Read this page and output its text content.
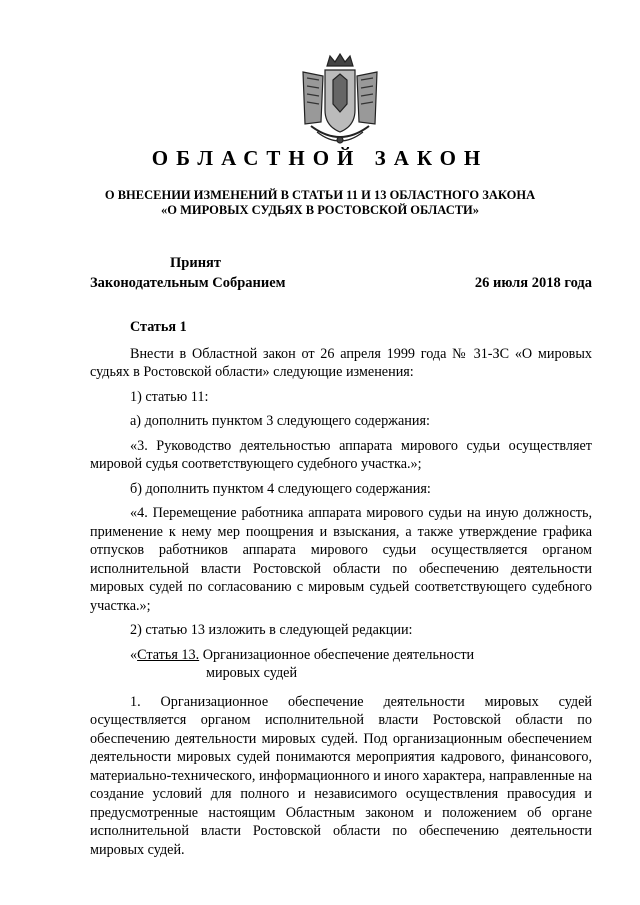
ОБЛАСТНОЙ ЗАКОН
О ВНЕСЕНИИ ИЗМЕНЕНИЙ В СТАТЬИ 11 И 13 ОБЛАСТНОГО ЗАКОНА
«О МИРОВЫХ СУДЬЯХ В РОСТОВСКОЙ ОБЛАСТИ»
Принят
Законодательным Собранием	26 июля 2018 года
Статья 1
Внести в Областной закон от 26 апреля 1999 года № 31-ЗС «О мировых судьях в Ростовской области» следующие изменения:
1) статью 11:
а) дополнить пунктом 3 следующего содержания:
«3. Руководство деятельностью аппарата мирового судьи осуществляет мировой судья соответствующего судебного участка.»;
б) дополнить пунктом 4 следующего содержания:
«4. Перемещение работника аппарата мирового судьи на иную должность, применение к нему мер поощрения и взыскания, а также утверждение графика отпусков работников аппарата мирового судьи осуществляется органом исполнительной власти Ростовской области по обеспечению деятельности мировых судей по согласованию с мировым судьей соответствующего судебного участка.»;
2) статью 13 изложить в следующей редакции:
«Статья 13. Организационное обеспечение деятельности
мировых судей
1. Организационное обеспечение деятельности мировых судей осуществляется органом исполнительной власти Ростовской области по обеспечению деятельности мировых судей. Под организационным обеспечением деятельности мировых судей понимаются мероприятия кадрового, финансового, материально-технического, информационного и иного характера, направленные на создание условий для полного и независимого осуществления правосудия и предусмотренные настоящим Областным законом и положением об органе исполнительной власти Ростовской области по обеспечению деятельности мировых судей.
